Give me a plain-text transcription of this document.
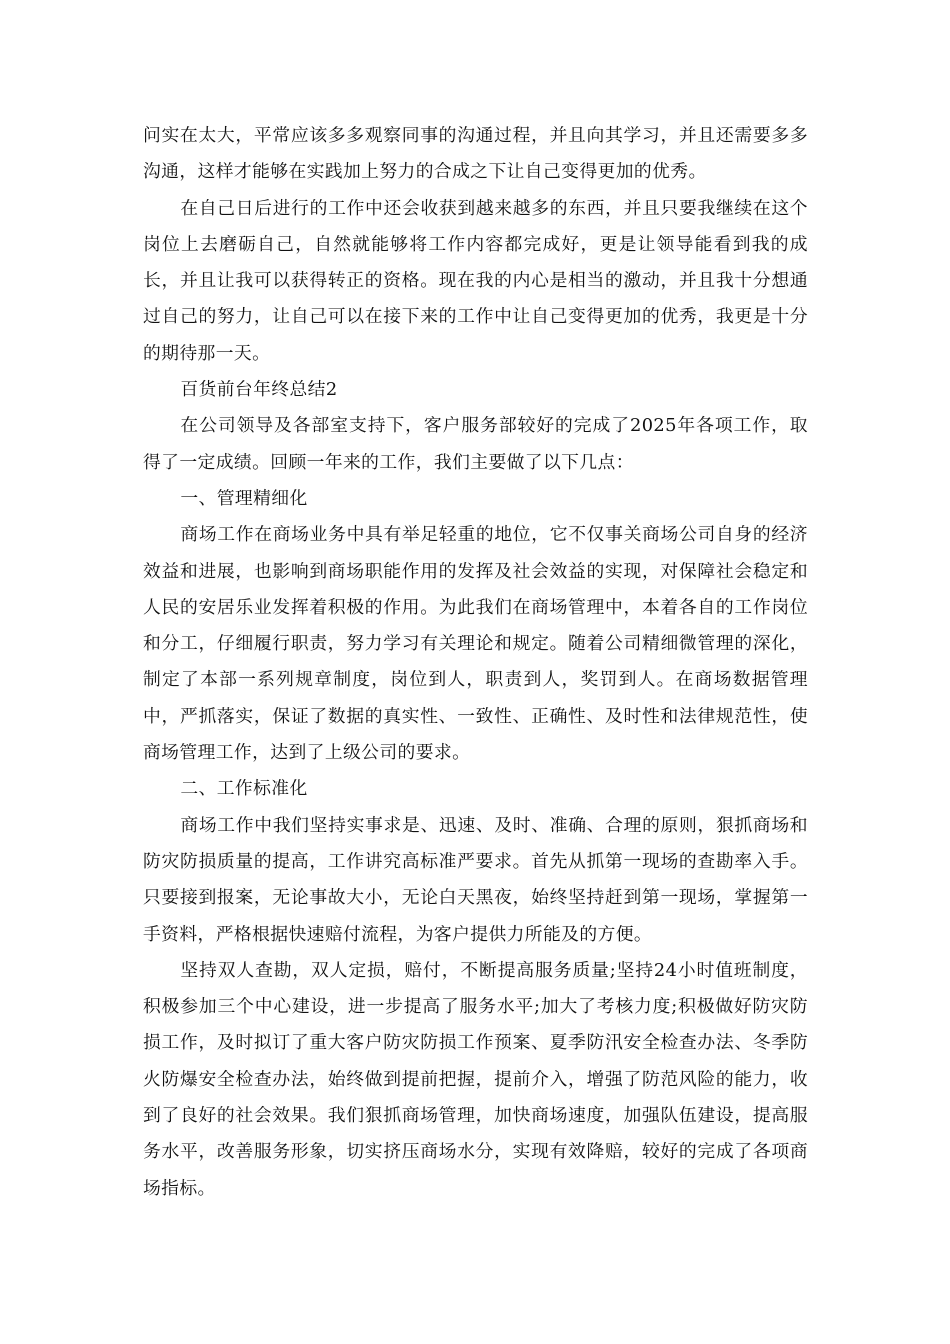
问实在太大，平常应该多多观察同事的沟通过程，并且向其学习，并且还需要多多沟通，这样才能够在实践加上努力的合成之下让自己变得更加的优秀。

在自己日后进行的工作中还会收获到越来越多的东西，并且只要我继续在这个岗位上去磨砺自己，自然就能够将工作内容都完成好，更是让领导能看到我的成长，并且让我可以获得转正的资格。现在我的内心是相当的激动，并且我十分想通过自己的努力，让自己可以在接下来的工作中让自己变得更加的优秀，我更是十分的期待那一天。

百货前台年终总结2

在公司领导及各部室支持下，客户服务部较好的完成了2025年各项工作，取得了一定成绩。回顾一年来的工作，我们主要做了以下几点：

一、管理精细化

商场工作在商场业务中具有举足轻重的地位，它不仅事关商场公司自身的经济效益和进展，也影响到商场职能作用的发挥及社会效益的实现，对保障社会稳定和人民的安居乐业发挥着积极的作用。为此我们在商场管理中，本着各自的工作岗位和分工，仔细履行职责，努力学习有关理论和规定。随着公司精细微管理的深化，制定了本部一系列规章制度，岗位到人，职责到人，奖罚到人。在商场数据管理中，严抓落实，保证了数据的真实性、一致性、正确性、及时性和法律规范性，使商场管理工作，达到了上级公司的要求。

二、工作标准化

商场工作中我们坚持实事求是、迅速、及时、准确、合理的原则，狠抓商场和防灾防损质量的提高，工作讲究高标准严要求。首先从抓第一现场的查勘率入手。只要接到报案，无论事故大小，无论白天黑夜，始终坚持赶到第一现场，掌握第一手资料，严格根据快速赔付流程，为客户提供力所能及的方便。

坚持双人查勘，双人定损，赔付，不断提高服务质量;坚持24小时值班制度，积极参加三个中心建设，进一步提高了服务水平;加大了考核力度;积极做好防灾防损工作，及时拟订了重大客户防灾防损工作预案、夏季防汛安全检查办法、冬季防火防爆安全检查办法，始终做到提前把握，提前介入，增强了防范风险的能力，收到了良好的社会效果。我们狠抓商场管理，加快商场速度，加强队伍建设，提高服务水平，改善服务形象，切实挤压商场水分，实现有效降赔，较好的完成了各项商场指标。
